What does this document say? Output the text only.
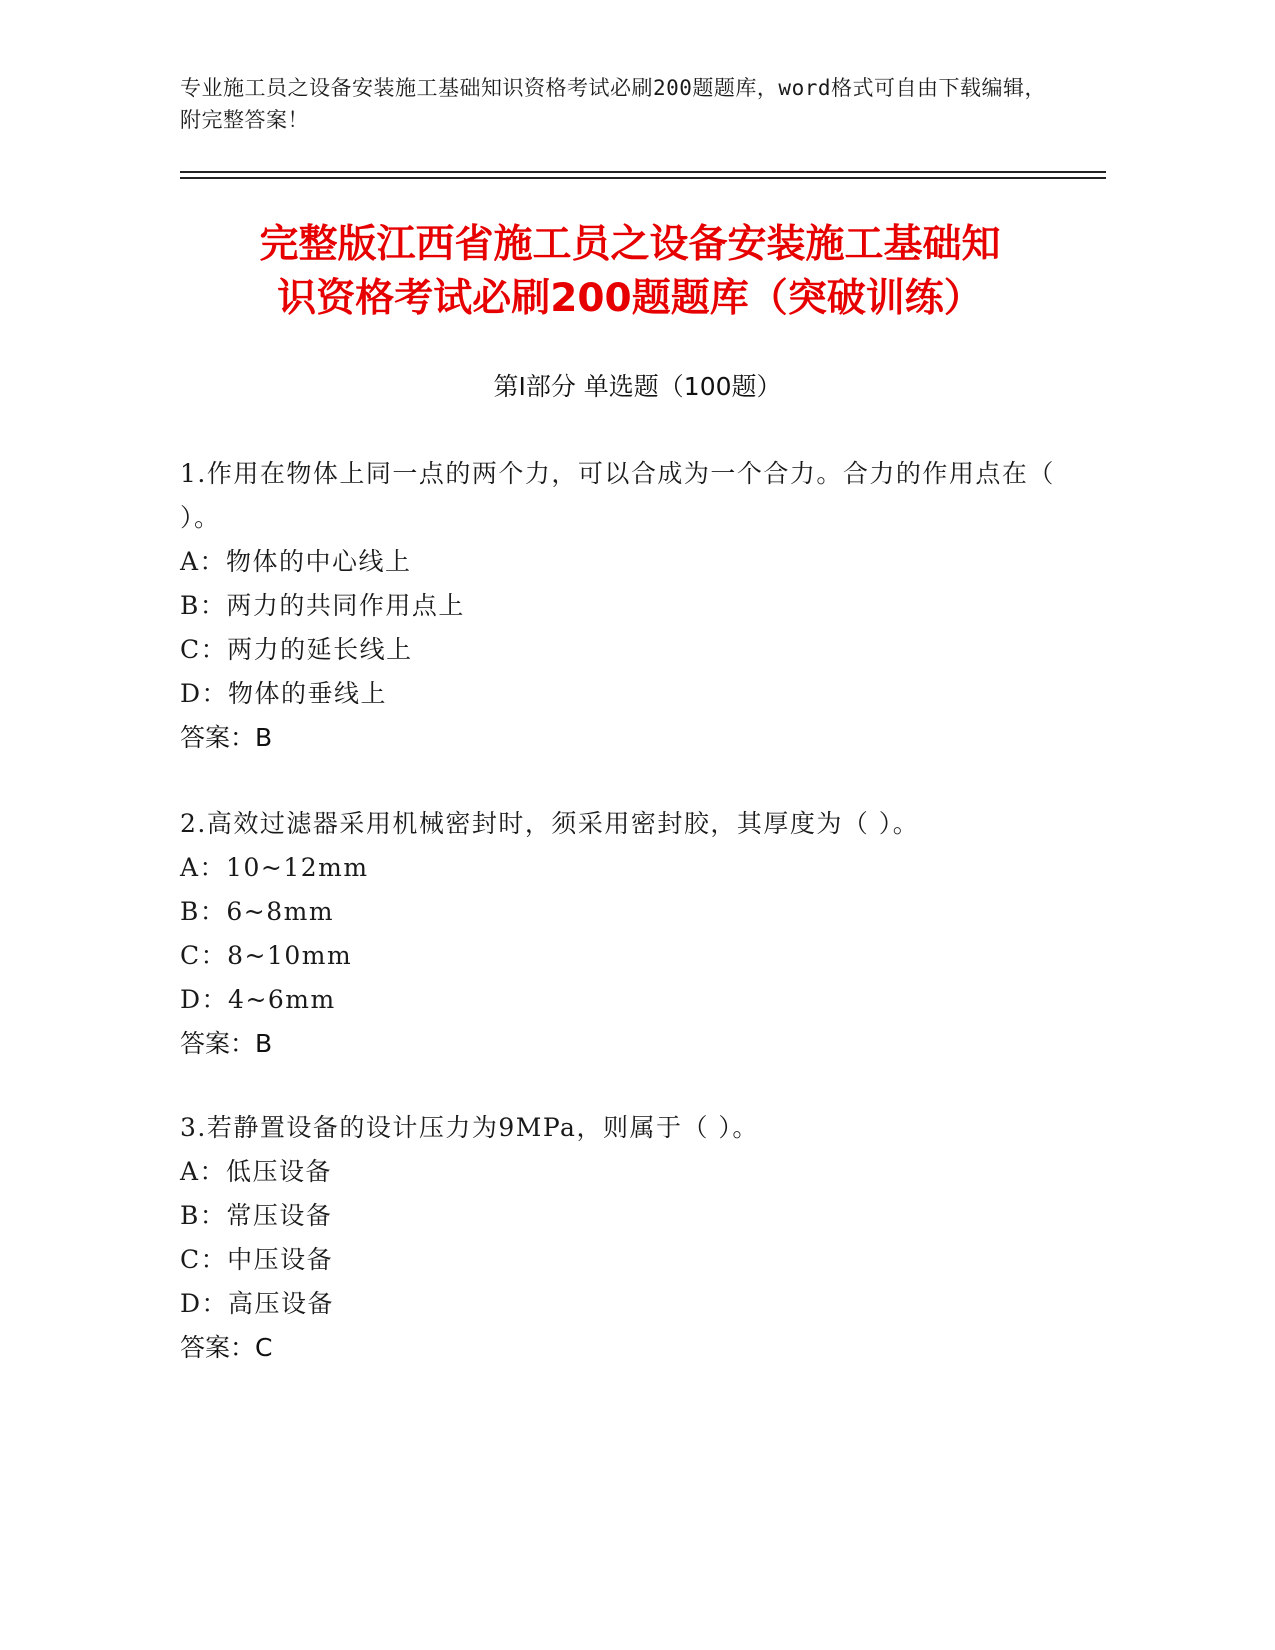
专业施工员之设备安装施工基础知识资格考试必刷200题题库，word格式可自由下载编辑，附完整答案！
完整版江西省施工员之设备安装施工基础知
识资格考试必刷200题题库（突破训练）
第I部分 单选题（100题）
1.作用在物体上同一点的两个力，可以合成为一个合力。合力的作用点在（ ）。
A：物体的中心线上
B：两力的共同作用点上
C：两力的延长线上
D：物体的垂线上
答案：B
2.高效过滤器采用机械密封时，须采用密封胶，其厚度为（ ）。
A：10~12mm
B：6~8mm
C：8~10mm
D：4~6mm
答案：B
3.若静置设备的设计压力为9MPa，则属于（ ）。
A：低压设备
B：常压设备
C：中压设备
D：高压设备
答案：C
